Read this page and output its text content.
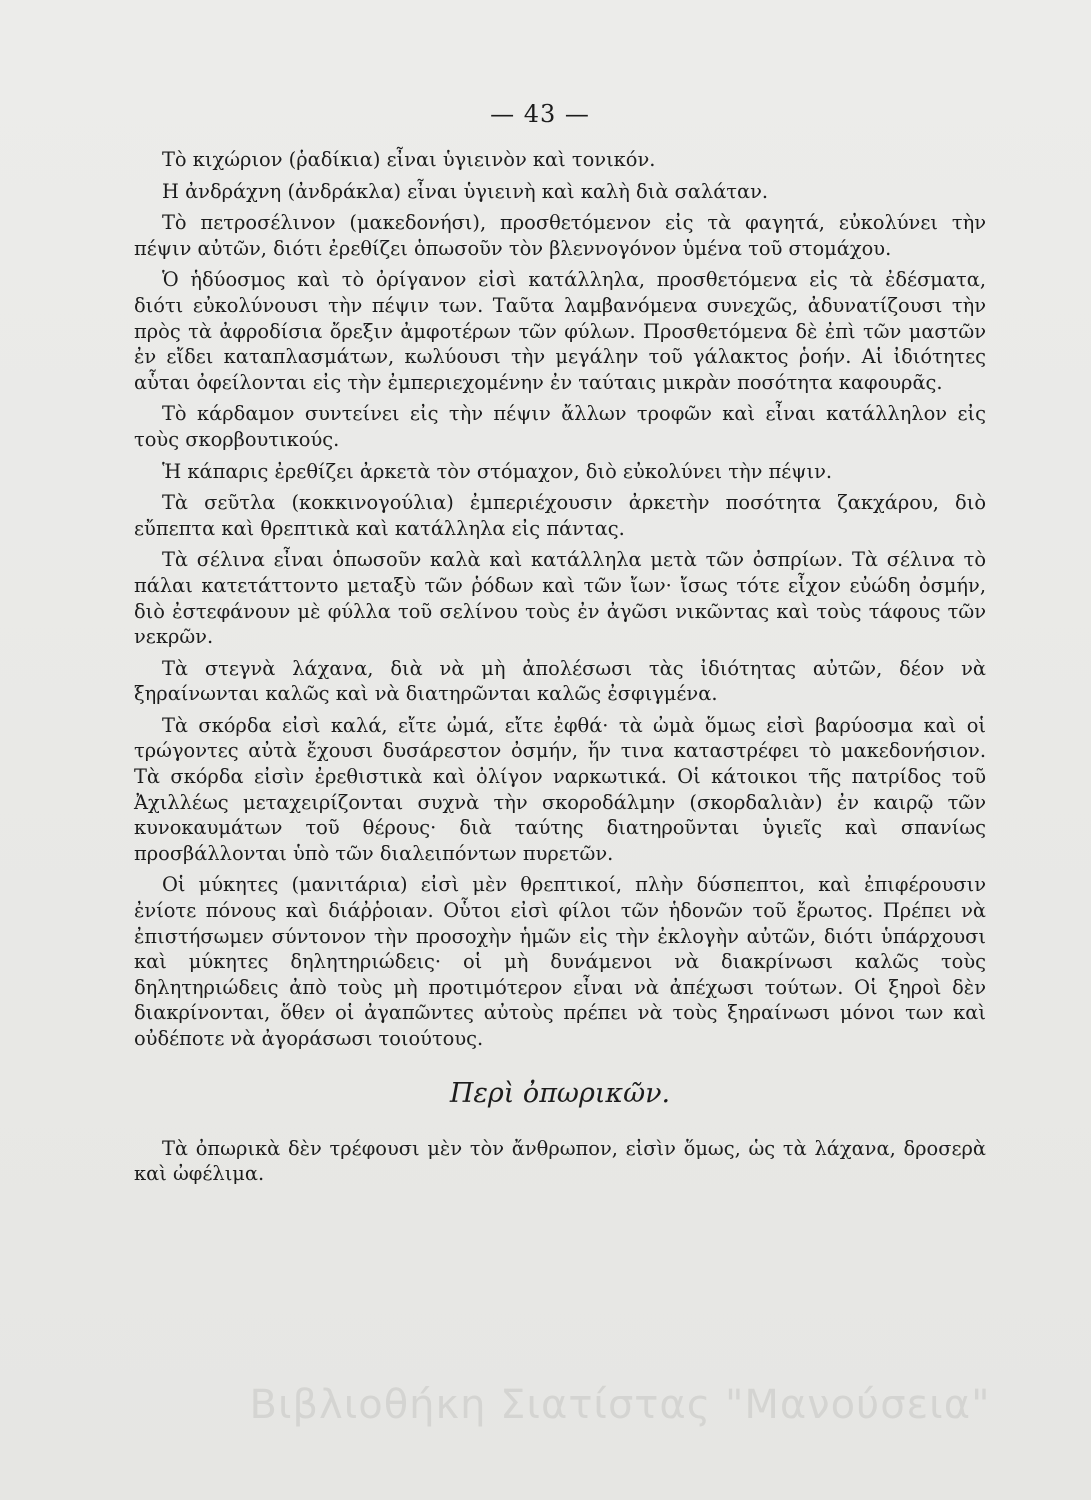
— 43 —

Τὸ κιχώριον (ῥαδίκια) εἶναι ὑγιεινὸν καὶ τονικόν.

Η ἀνδράχνη (ἀνδράκλα) εἶναι ὑγιεινὴ καὶ καλὴ διὰ σαλάταν.

Τὸ πετροσέλινον (μακεδονήσι), προσθετόμενον εἰς τὰ φαγητά, εὐκολύνει τὴν πέψιν αὐτῶν, διότι ἐρεθίζει ὁπωσοῦν τὸν βλεννογόνον ὑμένα τοῦ στομάχου.

Ὁ ἡδύοσμος καὶ τὸ ὀρίγανον εἰσὶ κατάλληλα, προσθετόμενα εἰς τὰ ἐδέσματα, διότι εὐκολύνουσι τὴν πέψιν των. Ταῦτα λαμβανόμενα συνεχῶς, ἀδυνατίζουσι τὴν πρὸς τὰ ἀφροδίσια ὄρεξιν ἀμφοτέρων τῶν φύλων. Προσθετόμενα δὲ ἐπὶ τῶν μαστῶν ἐν εἴδει καταπλασμάτων, κωλύουσι τὴν μεγάλην τοῦ γάλακτος ῥοήν. Αἱ ἰδιότητες αὗται ὀφείλονται εἰς τὴν ἐμπεριεχομένην ἐν ταύταις μικρὰν ποσότητα καφουρᾶς.

Τὸ κάρδαμον συντείνει εἰς τὴν πέψιν ἄλλων τροφῶν καὶ εἶναι κατάλληλον εἰς τοὺς σκορβουτικούς.

Ἡ κάπαρις ἐρεθίζει ἀρκετὰ τὸν στόμαχον, διὸ εὐκολύνει τὴν πέψιν.

Τὰ σεῦτλα (κοκκινογούλια) ἐμπεριέχουσιν ἀρκετὴν ποσότητα ζακχάρου, διὸ εὔπεπτα καὶ θρεπτικὰ καὶ κατάλληλα εἰς πάντας.

Τὰ σέλινα εἶναι ὁπωσοῦν καλὰ καὶ κατάλληλα μετὰ τῶν ὀσπρίων. Τὰ σέλινα τὸ πάλαι κατετάττοντο μεταξὺ τῶν ῥόδων καὶ τῶν ἴων· ἴσως τότε εἶχον εὐώδη ὀσμήν, διὸ ἐστεφάνουν μὲ φύλλα τοῦ σελίνου τοὺς ἐν ἀγῶσι νικῶντας καὶ τοὺς τάφους τῶν νεκρῶν.

Τὰ στεγνὰ λάχανα, διὰ νὰ μὴ ἀπολέσωσι τὰς ἰδιότητας αὐτῶν, δέον νὰ ξηραίνωνται καλῶς καὶ νὰ διατηρῶνται καλῶς ἐσφιγμένα.

Τὰ σκόρδα εἰσὶ καλά, εἴτε ὠμά, εἴτε ἐφθά· τὰ ὠμὰ ὅμως εἰσὶ βαρύοσμα καὶ οἱ τρώγοντες αὐτὰ ἔχουσι δυσάρεστον ὀσμήν, ἥν τινα καταστρέφει τὸ μακεδονήσιον. Τὰ σκόρδα εἰσὶν ἐρεθιστικὰ καὶ ὀλίγον ναρκωτικά. Οἱ κάτοικοι τῆς πατρίδος τοῦ Ἀχιλλέως μεταχειρίζονται συχνὰ τὴν σκοροδάλμην (σκορδαλιὰν) ἐν καιρῷ τῶν κυνοκαυμάτων τοῦ θέρους· διὰ ταύτης διατηροῦνται ὑγιεῖς καὶ σπανίως προσβάλλονται ὑπὸ τῶν διαλειπόντων πυρετῶν.

Οἱ μύκητες (μανιτάρια) εἰσὶ μὲν θρεπτικοί, πλὴν δύσπεπτοι, καὶ ἐπιφέρουσιν ἐνίοτε πόνους καὶ διάῤῥοιαν. Οὗτοι εἰσὶ φίλοι τῶν ἡδονῶν τοῦ ἔρωτος. Πρέπει νὰ ἐπιστήσωμεν σύντονον τὴν προσοχὴν ἡμῶν εἰς τὴν ἐκλογὴν αὐτῶν, διότι ὑπάρχουσι καὶ μύκητες δηλητηριώδεις· οἱ μὴ δυνάμενοι νὰ διακρίνωσι καλῶς τοὺς δηλητηριώδεις ἀπὸ τοὺς μὴ προτιμότερον εἶναι νὰ ἀπέχωσι τούτων. Οἱ ξηροὶ δὲν διακρίνονται, ὅθεν οἱ ἀγαπῶντες αὐτοὺς πρέπει νὰ τοὺς ξηραίνωσι μόνοι των καὶ οὐδέποτε νὰ ἀγοράσωσι τοιούτους.

Περὶ ὀπωρικῶν.

Τὰ ὀπωρικὰ δὲν τρέφουσι μὲν τὸν ἄνθρωπον, εἰσὶν ὅμως, ὡς τὰ λάχανα, δροσερὰ καὶ ὠφέλιμα.

Βιβλιοθήκη Σιατίστας "Μανούσεια"
